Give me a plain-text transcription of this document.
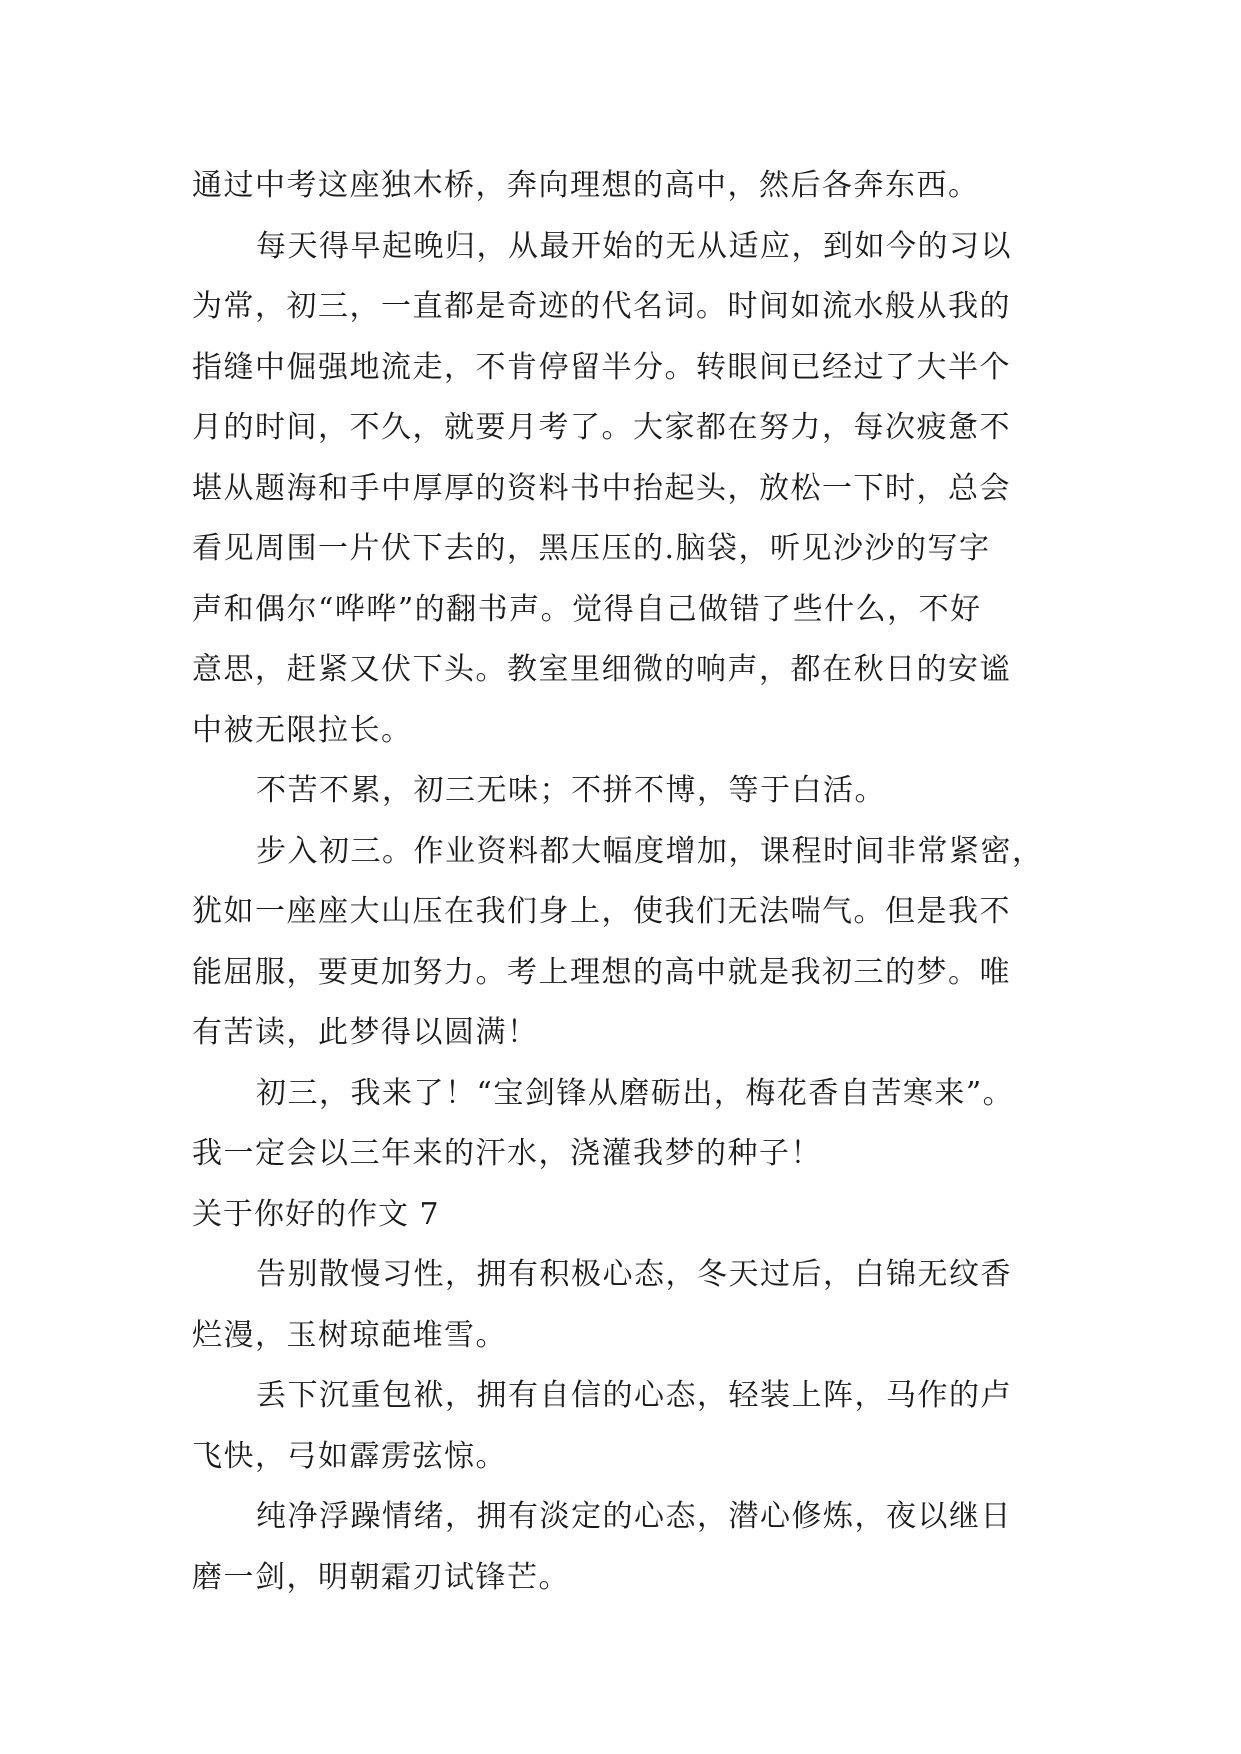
通过中考这座独木桥，奔向理想的高中，然后各奔东西。
每天得早起晚归，从最开始的无从适应，到如今的习以
为常，初三，一直都是奇迹的代名词。时间如流水般从我的
指缝中倔强地流走，不肯停留半分。转眼间已经过了大半个
月的时间，不久，就要月考了。大家都在努力，每次疲惫不
堪从题海和手中厚厚的资料书中抬起头，放松一下时，总会
看见周围一片伏下去的，黑压压的.脑袋，听见沙沙的写字
声和偶尔“哗哗”的翻书声。觉得自己做错了些什么，不好
意思，赶紧又伏下头。教室里细微的响声，都在秋日的安谧
中被无限拉长。
不苦不累，初三无味；不拼不博，等于白活。
步入初三。作业资料都大幅度增加，课程时间非常紧密，
犹如一座座大山压在我们身上，使我们无法喘气。但是我不
能屈服，要更加努力。考上理想的高中就是我初三的梦。唯
有苦读，此梦得以圆满！
初三，我来了！“宝剑锋从磨砺出，梅花香自苦寒来”。
我一定会以三年来的汗水，浇灌我梦的种子！
关于你好的作文 7
告别散慢习性，拥有积极心态，冬天过后，白锦无纹香
烂漫，玉树琼葩堆雪。
丢下沉重包袱，拥有自信的心态，轻装上阵，马作的卢
飞快，弓如霹雳弦惊。
纯净浮躁情绪，拥有淡定的心态，潜心修炼，夜以继日
磨一剑，明朝霜刃试锋芒。
